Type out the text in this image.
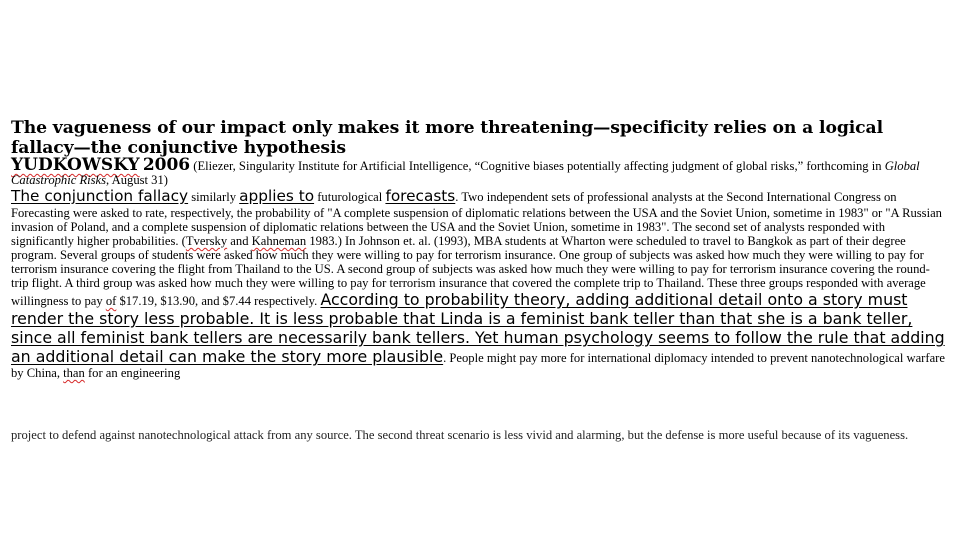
The vagueness of our impact only makes it more threatening—specificity relies on a logical fallacy—the conjunctive hypothesis

YUDKOWSKY 2006 (Eliezer, Singularity Institute for Artificial Intelligence, “Cognitive biases potentially affecting judgment of global risks,” forthcoming in Global Catastrophic Risks, August 31)

The conjunction fallacy similarly applies to futurological forecasts. Two independent sets of professional analysts at the Second International Congress on Forecasting were asked to rate, respectively, the probability of "A complete suspension of diplomatic relations between the USA and the Soviet Union, sometime in 1983" or "A Russian invasion of Poland, and a complete suspension of diplomatic relations between the USA and the Soviet Union, sometime in 1983". The second set of analysts responded with significantly higher probabilities. (Tversky and Kahneman 1983.) In Johnson et. al. (1993), MBA students at Wharton were scheduled to travel to Bangkok as part of their degree program. Several groups of students were asked how much they were willing to pay for terrorism insurance. One group of subjects was asked how much they were willing to pay for terrorism insurance covering the flight from Thailand to the US. A second group of subjects was asked how much they were willing to pay for terrorism insurance covering the round-trip flight. A third group was asked how much they were willing to pay for terrorism insurance that covered the complete trip to Thailand. These three groups responded with average willingness to pay of $17.19, $13.90, and $7.44 respectively. According to probability theory, adding additional detail onto a story must render the story less probable. It is less probable that Linda is a feminist bank teller than that she is a bank teller, since all feminist bank tellers are necessarily bank tellers. Yet human psychology seems to follow the rule that adding an additional detail can make the story more plausible. People might pay more for international diplomacy intended to prevent nanotechnological warfare by China, than for an engineering

project to defend against nanotechnological attack from any source. The second threat scenario is less vivid and alarming, but the defense is more useful because of its vagueness.
